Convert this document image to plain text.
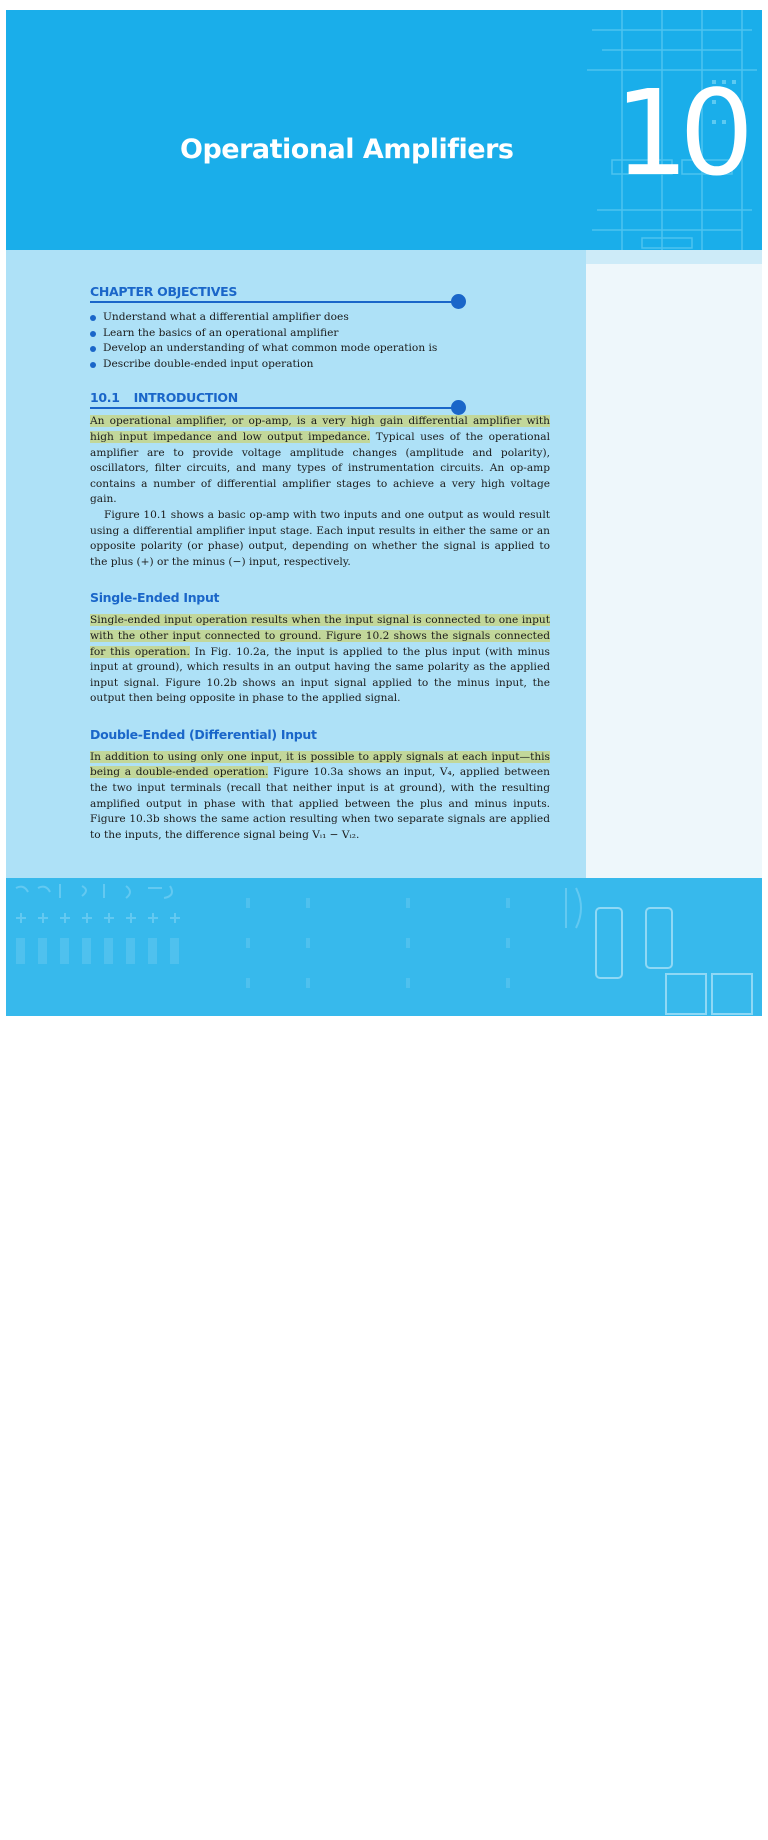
Operational Amplifiers 10
607
CHAPTER OBJECTIVES
Understand what a differential amplifier does
Learn the basics of an operational amplifier
Develop an understanding of what common mode operation is
Describe double-ended input operation
10.1 INTRODUCTION

An operational amplifier, or op-amp, is a very high gain differential amplifier with high input impedance and low output impedance. Typical uses of the operational amplifier are to provide voltage amplitude changes (amplitude and polarity), oscillators, filter circuits, and many types of instrumentation circuits. An op-amp contains a number of differential amplifier stages to achieve a very high voltage gain.

Figure 10.1 shows a basic op-amp with two inputs and one output as would result using a differential amplifier input stage. Each input results in either the same or an opposite polarity (or phase) output, depending on whether the signal is applied to the plus (+) or the minus (−) input, respectively.

Single-Ended Input

Single-ended input operation results when the input signal is connected to one input with the other input connected to ground. Figure 10.2 shows the signals connected for this operation. In Fig. 10.2a, the input is applied to the plus input (with minus input at ground), which results in an output having the same polarity as the applied input signal. Figure 10.2b shows an input signal applied to the minus input, the output then being opposite in phase to the applied signal.

Double-Ended (Differential) Input

In addition to using only one input, it is possible to apply signals at each input—this being a double-ended operation. Figure 10.3a shows an input, V₄, applied between the two input terminals (recall that neither input is at ground), with the resulting amplified output in phase with that applied between the plus and minus inputs. Figure 10.3b shows the same action resulting when two separate signals are applied to the inputs, the difference signal being Vᵢ₁ − Vᵢ₂.
